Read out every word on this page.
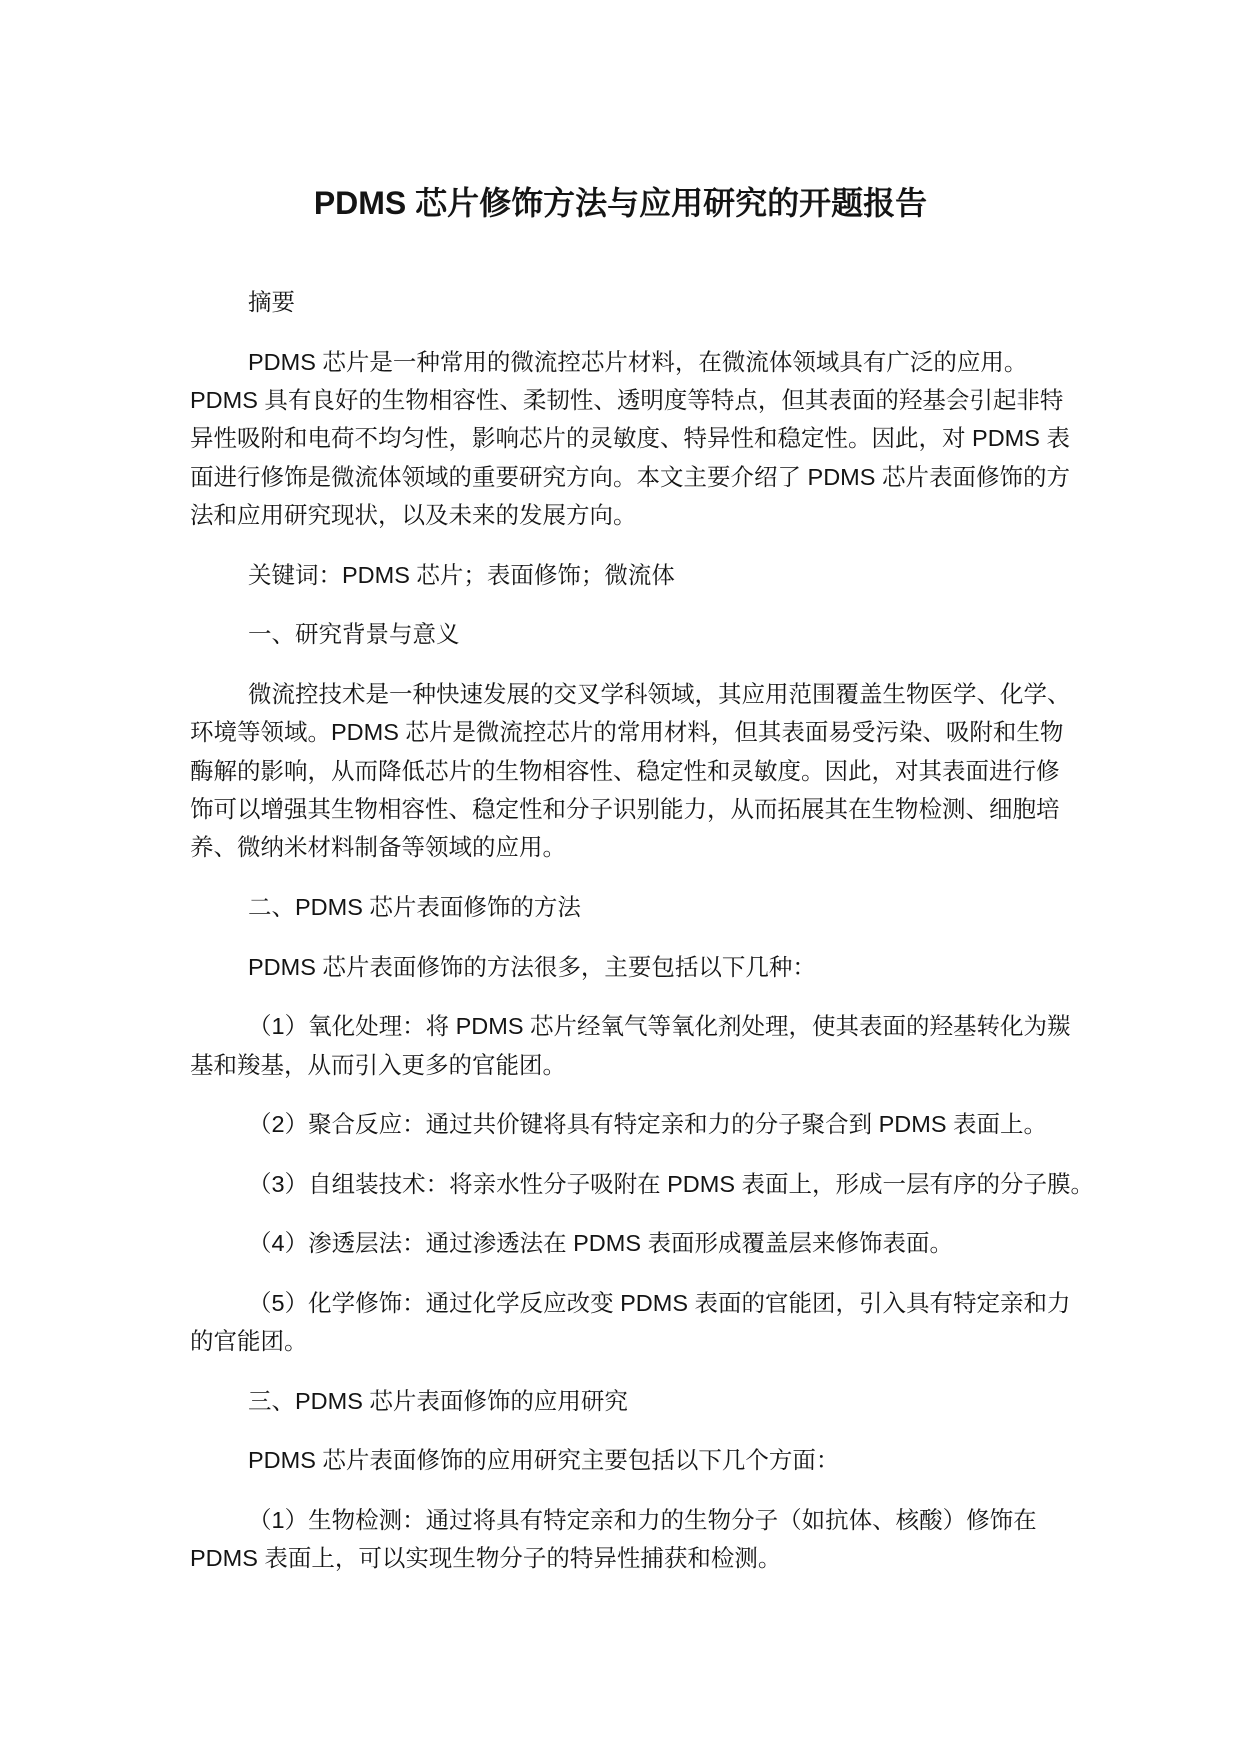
PDMS 芯片修饰方法与应用研究的开题报告

摘要

PDMS 芯片是一种常用的微流控芯片材料，在微流体领域具有广泛的应用。
PDMS 具有良好的生物相容性、柔韧性、透明度等特点，但其表面的羟基会引起非特
异性吸附和电荷不均匀性，影响芯片的灵敏度、特异性和稳定性。因此，对 PDMS 表
面进行修饰是微流体领域的重要研究方向。本文主要介绍了 PDMS 芯片表面修饰的方
法和应用研究现状，以及未来的发展方向。

关键词：PDMS 芯片；表面修饰；微流体

一、研究背景与意义

微流控技术是一种快速发展的交叉学科领域，其应用范围覆盖生物医学、化学、
环境等领域。PDMS 芯片是微流控芯片的常用材料，但其表面易受污染、吸附和生物
酶解的影响，从而降低芯片的生物相容性、稳定性和灵敏度。因此，对其表面进行修
饰可以增强其生物相容性、稳定性和分子识别能力，从而拓展其在生物检测、细胞培
养、微纳米材料制备等领域的应用。

二、PDMS 芯片表面修饰的方法

PDMS 芯片表面修饰的方法很多，主要包括以下几种：

（1）氧化处理：将 PDMS 芯片经氧气等氧化剂处理，使其表面的羟基转化为羰
基和羧基，从而引入更多的官能团。

（2）聚合反应：通过共价键将具有特定亲和力的分子聚合到 PDMS 表面上。

（3）自组装技术：将亲水性分子吸附在 PDMS 表面上，形成一层有序的分子膜。

（4）渗透层法：通过渗透法在 PDMS 表面形成覆盖层来修饰表面。

（5）化学修饰：通过化学反应改变 PDMS 表面的官能团，引入具有特定亲和力
的官能团。

三、PDMS 芯片表面修饰的应用研究

PDMS 芯片表面修饰的应用研究主要包括以下几个方面：

（1）生物检测：通过将具有特定亲和力的生物分子（如抗体、核酸）修饰在
PDMS 表面上，可以实现生物分子的特异性捕获和检测。
